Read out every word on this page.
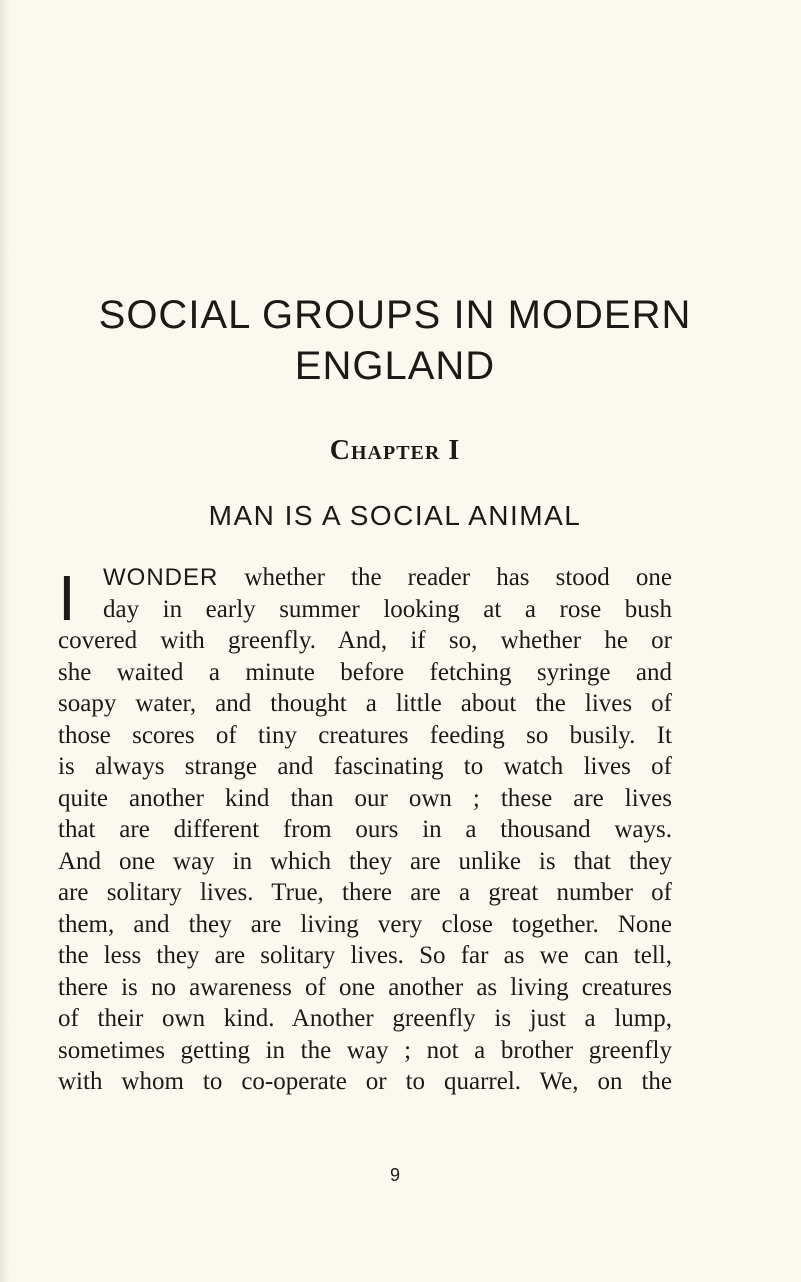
SOCIAL GROUPS IN MODERN
ENGLAND
Chapter I
MAN IS A SOCIAL ANIMAL
I	WONDER whether the reader has stood one
day in early summer looking at a rose bush
covered with greenfly. And, if so, whether he or
she waited a minute before fetching syringe and
soapy water, and thought a little about the lives of
those scores of tiny creatures feeding so busily. It
is always strange and fascinating to watch lives of
quite another kind than our own ; these are lives
that are different from ours in a thousand ways.
And one way in which they are unlike is that they
are solitary lives. True, there are a great number of
them, and they are living very close together. None
the less they are solitary lives. So far as we can tell,
there is no awareness of one another as living creatures
of their own kind. Another greenfly is just a lump,
sometimes getting in the way ; not a brother greenfly
with whom to co-operate or to quarrel. We, on the
9
